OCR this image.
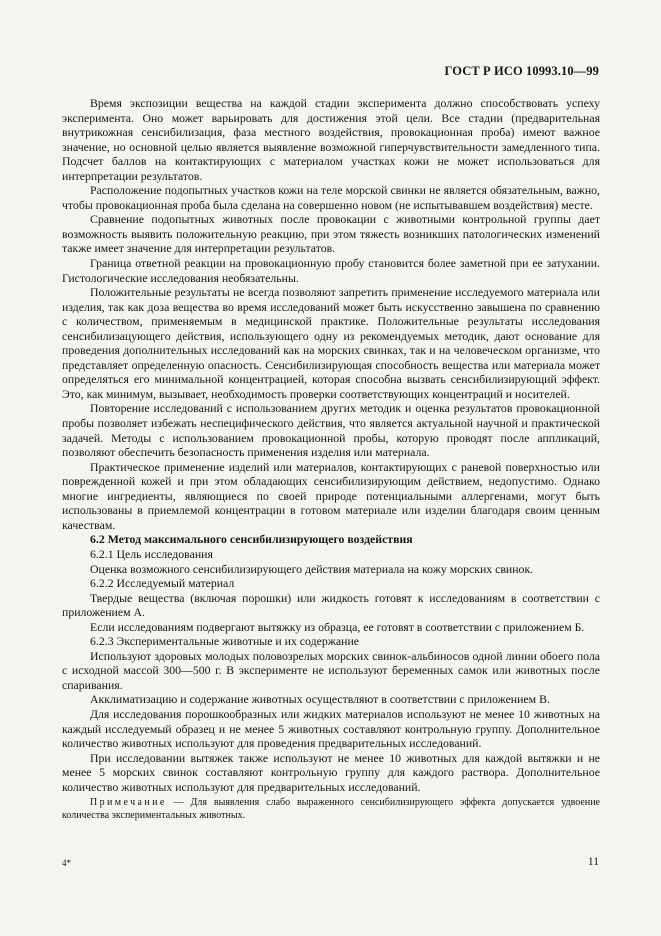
ГОСТ Р ИСО 10993.10—99

Время экспозиции вещества на каждой стадии эксперимента должно способствовать успеху эксперимента. Оно может варьировать для достижения этой цели. Все стадии (предварительная внутрикожная сенсибилизация, фаза местного воздействия, провокационная проба) имеют важное значение, но основной целью является выявление возможной гиперчувствительности замедленного типа. Подсчет баллов на контактирующих с материалом участках кожи не может использоваться для интерпретации результатов.

Расположение подопытных участков кожи на теле морской свинки не является обязательным, важно, чтобы провокационная проба была сделана на совершенно новом (не испытывавшем воздействия) месте.

Сравнение подопытных животных после провокации с животными контрольной группы дает возможность выявить положительную реакцию, при этом тяжесть возникших патологических изменений также имеет значение для интерпретации результатов.

Граница ответной реакции на провокационную пробу становится более заметной при ее затухании. Гистологические исследования необязательны.

Положительные результаты не всегда позволяют запретить применение исследуемого материала или изделия, так как доза вещества во время исследований может быть искусственно завышена по сравнению с количеством, применяемым в медицинской практике. Положительные результаты исследования сенсибилизацующего действия, использующего одну из рекомендуемых методик, дают основание для проведения дополнительных исследований как на морских свинках, так и на человеческом организме, что представляет определенную опасность. Сенсибилизирующая способность вещества или материала может определяться его минимальной концентрацией, которая способна вызвать сенсибилизирующий эффект. Это, как минимум, вызывает, необходимость проверки соответствующих концентраций и носителей.

Повторение исследований с использованием других методик и оценка результатов провокационной пробы позволяет избежать неспецифического действия, что является актуальной научной и практической задачей. Методы с использованием провокационной пробы, которую проводят после аппликаций, позволяют обеспечить безопасность применения изделия или материала.

Практическое применение изделий или материалов, контактирующих с раневой поверхностью или поврежденной кожей и при этом обладающих сенсибилизирующим действием, недопустимо. Однако многие ингредиенты, являющиеся по своей природе потенциальными аллергенами, могут быть использованы в приемлемой концентрации в готовом материале или изделии благодаря своим ценным качествам.

6.2 Метод максимального сенсибилизирующего воздействия

6.2.1 Цель исследования

Оценка возможного сенсибилизирующего действия материала на кожу морских свинок.

6.2.2 Исследуемый материал

Твердые вещества (включая порошки) или жидкость готовят к исследованиям в соответствии с приложением А.

Если исследованиям подвергают вытяжку из образца, ее готовят в соответствии с приложением Б.

6.2.3 Экспериментальные животные и их содержание

Используют здоровых молодых половозрелых морских свинок-альбиносов одной линии обоего пола с исходной массой 300—500 г. В эксперименте не используют беременных самок или животных после спаривания.

Акклиматизацию и содержание животных осуществляют в соответствии с приложением В.

Для исследования порошкообразных или жидких материалов используют не менее 10 животных на каждый исследуемый образец и не менее 5 животных составляют контрольную группу. Дополнительное количество животных используют для проведения предварительных исследований.

При исследовании вытяжек также используют не менее 10 животных для каждой вытяжки и не менее 5 морских свинок составляют контрольную группу для каждого раствора. Дополнительное количество животных используют для предварительных исследований.

Примечание — Для выявления слабо выраженного сенсибилизирующего эффекта допускается удвоение количества экспериментальных животных.

4*	11
